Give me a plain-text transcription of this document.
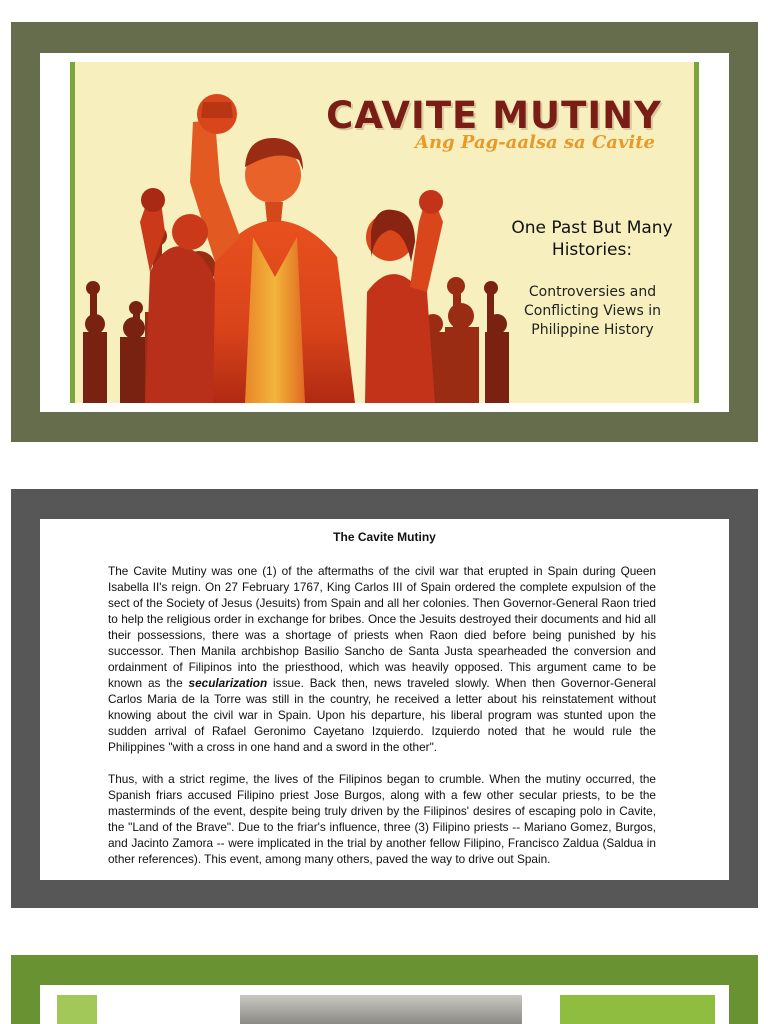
CAVITE MUTINY
Ang Pag-aalsa sa Cavite
One Past But Many
Histories:
Controversies and
Conflicting Views in
Philippine History
The Cavite Mutiny

The Cavite Mutiny was one (1) of the aftermaths of the civil war that erupted in Spain during Queen Isabella II's reign. On 27 February 1767, King Carlos III of Spain ordered the complete expulsion of the sect of the Society of Jesus (Jesuits) from Spain and all her colonies. Then Governor-General Raon tried to help the religious order in exchange for bribes. Once the Jesuits destroyed their documents and hid all their possessions, there was a shortage of priests when Raon died before being punished by his successor. Then Manila archbishop Basilio Sancho de Santa Justa spearheaded the conversion and ordainment of Filipinos into the priesthood, which was heavily opposed. This argument came to be known as the secularization issue. Back then, news traveled slowly. When then Governor-General Carlos Maria de la Torre was still in the country, he received a letter about his reinstatement without knowing about the civil war in Spain. Upon his departure, his liberal program was stunted upon the sudden arrival of Rafael Geronimo Cayetano Izquierdo. Izquierdo noted that he would rule the Philippines "with a cross in one hand and a sword in the other".

Thus, with a strict regime, the lives of the Filipinos began to crumble. When the mutiny occurred, the Spanish friars accused Filipino priest Jose Burgos, along with a few other secular priests, to be the masterminds of the event, despite being truly driven by the Filipinos' desires of escaping polo in Cavite, the "Land of the Brave". Due to the friar's influence, three (3) Filipino priests -- Mariano Gomez, Burgos, and Jacinto Zamora -- were implicated in the trial by another fellow Filipino, Francisco Zaldua (Saldua in other references). This event, among many others, paved the way to drive out Spain.
